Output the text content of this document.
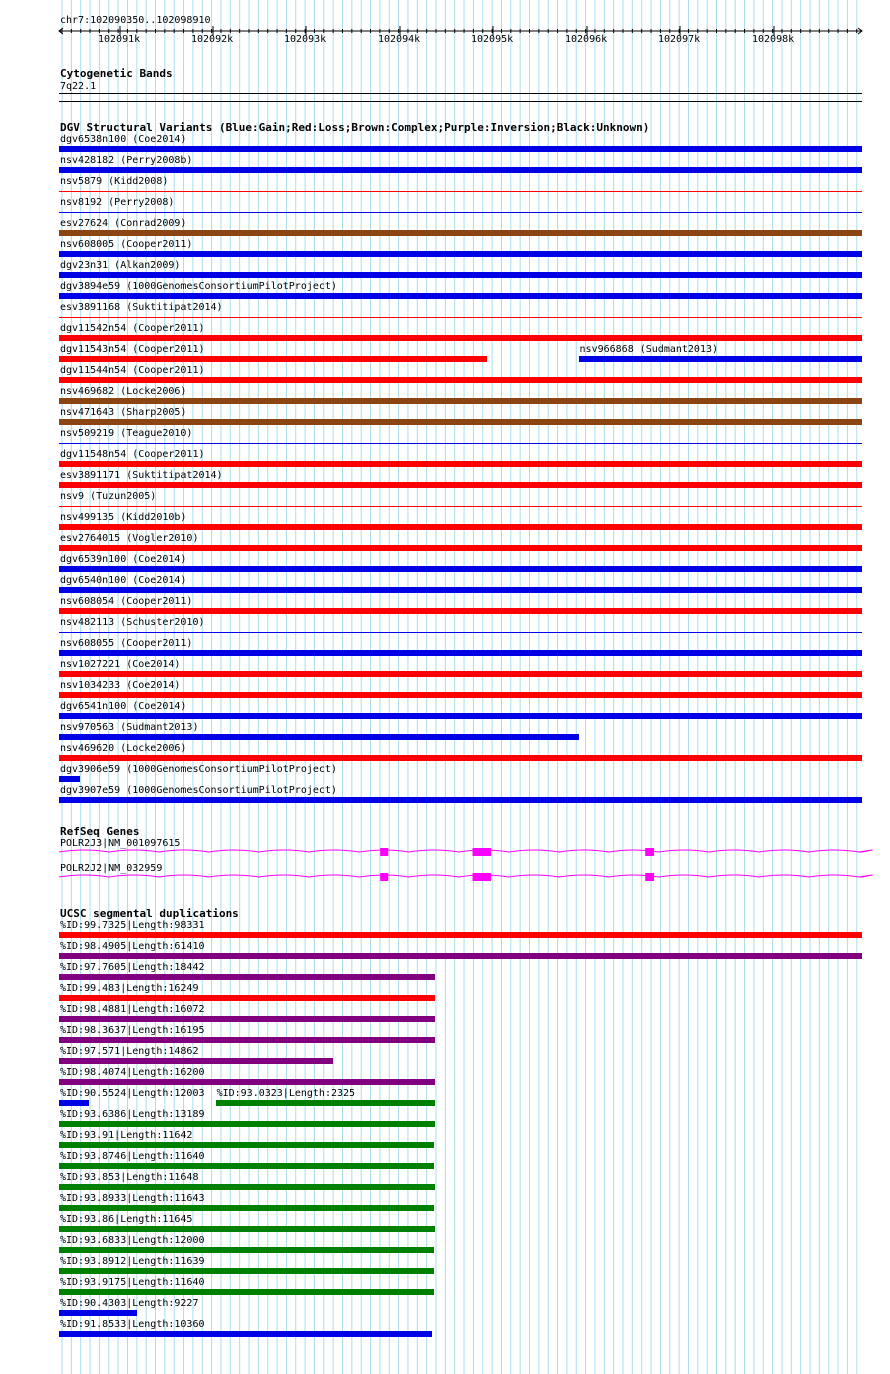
chr7:102090350..102098910
102091k	102092k	102093k	102094k	102095k	102096k	102097k	102098k
Cytogenetic Bands
7q22.1
DGV Structural Variants (Blue:Gain;Red:Loss;Brown:Complex;Purple:Inversion;Black:Unknown)
dgv6538n100 (Coe2014)
nsv428182 (Perry2008b)
nsv5879 (Kidd2008)
nsv8192 (Perry2008)
esv27624 (Conrad2009)
nsv608005 (Cooper2011)
dgv23n31 (Alkan2009)
dgv3894e59 (1000GenomesConsortiumPilotProject)
esv3891168 (Suktitipat2014)
dgv11542n54 (Cooper2011)
dgv11543n54 (Cooper2011)	nsv966868 (Sudmant2013)
dgv11544n54 (Cooper2011)
nsv469682 (Locke2006)
nsv471643 (Sharp2005)
nsv509219 (Teague2010)
dgv11548n54 (Cooper2011)
esv3891171 (Suktitipat2014)
nsv9 (Tuzun2005)
nsv499135 (Kidd2010b)
esv2764015 (Vogler2010)
dgv6539n100 (Coe2014)
dgv6540n100 (Coe2014)
nsv608054 (Cooper2011)
nsv482113 (Schuster2010)
nsv608055 (Cooper2011)
nsv1027221 (Coe2014)
nsv1034233 (Coe2014)
dgv6541n100 (Coe2014)
nsv970563 (Sudmant2013)
nsv469620 (Locke2006)
dgv3906e59 (1000GenomesConsortiumPilotProject)
dgv3907e59 (1000GenomesConsortiumPilotProject)
RefSeq Genes
POLR2J3|NM_001097615
POLR2J2|NM_032959
UCSC segmental duplications
%ID:99.7325|Length:98331
%ID:98.4905|Length:61410
%ID:97.7605|Length:18442
%ID:99.483|Length:16249
%ID:98.4881|Length:16072
%ID:98.3637|Length:16195
%ID:97.571|Length:14862
%ID:98.4074|Length:16200
%ID:90.5524|Length:12003 %ID:93.0323|Length:2325
%ID:93.6386|Length:13189
%ID:93.91|Length:11642
%ID:93.8746|Length:11640
%ID:93.853|Length:11648
%ID:93.8933|Length:11643
%ID:93.86|Length:11645
%ID:93.6833|Length:12000
%ID:93.8912|Length:11639
%ID:93.9175|Length:11640
%ID:90.4303|Length:9227
%ID:91.8533|Length:10360
